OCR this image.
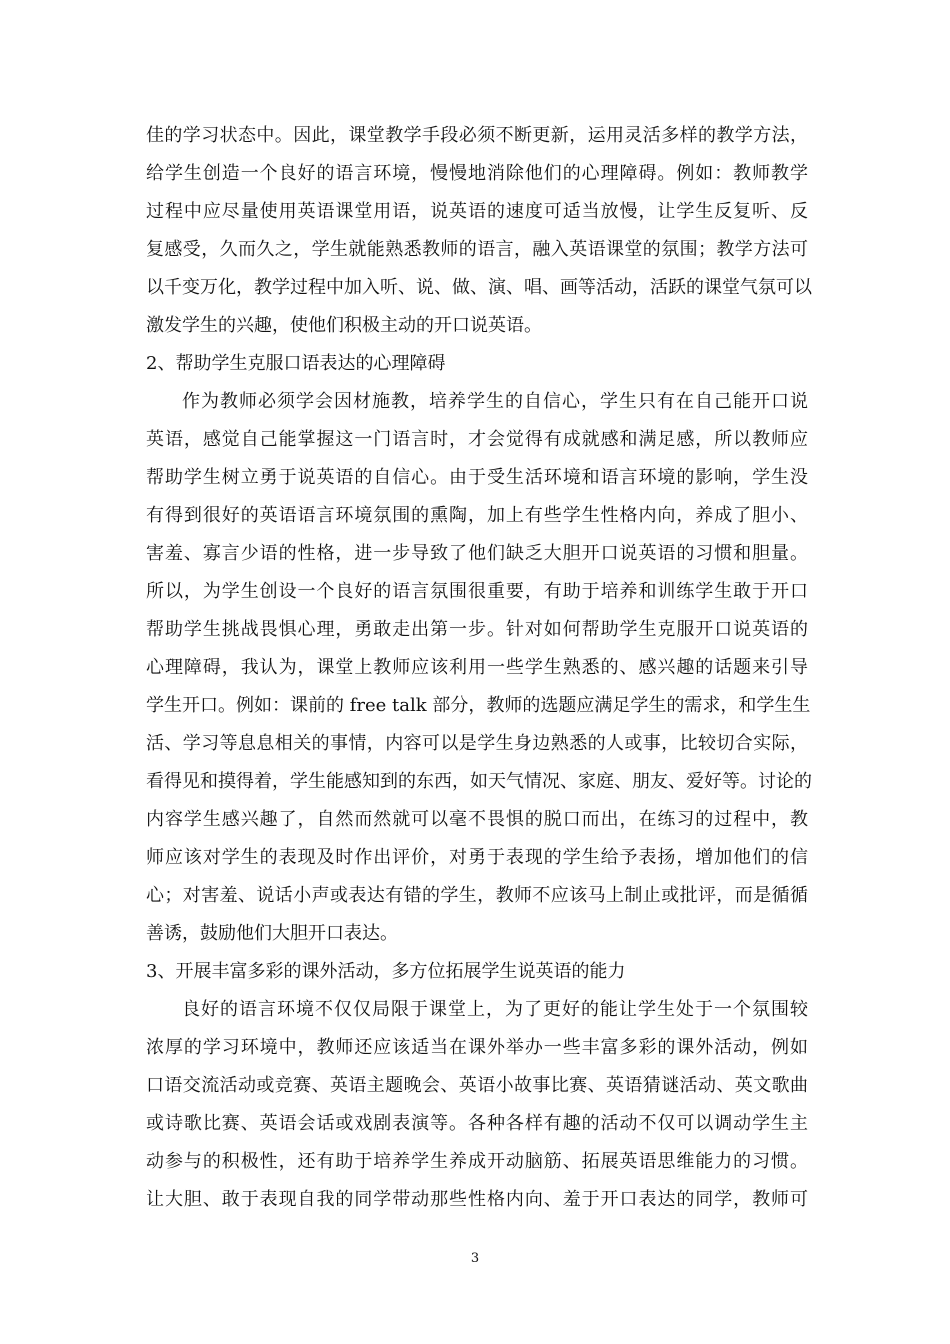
佳的学习状态中。因此，课堂教学手段必须不断更新，运用灵活多样的教学方法，
给学生创造一个良好的语言环境，慢慢地消除他们的心理障碍。例如：教师教学
过程中应尽量使用英语课堂用语，说英语的速度可适当放慢，让学生反复听、反
复感受，久而久之，学生就能熟悉教师的语言，融入英语课堂的氛围；教学方法可
以千变万化，教学过程中加入听、说、做、演、唱、画等活动，活跃的课堂气氛可以
激发学生的兴趣，使他们积极主动的开口说英语。
2、帮助学生克服口语表达的心理障碍
作为教师必须学会因材施教，培养学生的自信心，学生只有在自己能开口说
英语，感觉自己能掌握这一门语言时，才会觉得有成就感和满足感，所以教师应
帮助学生树立勇于说英语的自信心。由于受生活环境和语言环境的影响，学生没
有得到很好的英语语言环境氛围的熏陶，加上有些学生性格内向，养成了胆小、
害羞、寡言少语的性格，进一步导致了他们缺乏大胆开口说英语的习惯和胆量。
所以，为学生创设一个良好的语言氛围很重要，有助于培养和训练学生敢于开口
帮助学生挑战畏惧心理，勇敢走出第一步。针对如何帮助学生克服开口说英语的
心理障碍，我认为，课堂上教师应该利用一些学生熟悉的、感兴趣的话题来引导
学生开口。例如：课前的 free talk 部分，教师的选题应满足学生的需求，和学生生
活、学习等息息相关的事情，内容可以是学生身边熟悉的人或事，比较切合实际，
看得见和摸得着，学生能感知到的东西，如天气情况、家庭、朋友、爱好等。讨论的
内容学生感兴趣了，自然而然就可以毫不畏惧的脱口而出，在练习的过程中，教
师应该对学生的表现及时作出评价，对勇于表现的学生给予表扬，增加他们的信
心；对害羞、说话小声或表达有错的学生，教师不应该马上制止或批评，而是循循
善诱，鼓励他们大胆开口表达。
3、开展丰富多彩的课外活动，多方位拓展学生说英语的能力
良好的语言环境不仅仅局限于课堂上，为了更好的能让学生处于一个氛围较
浓厚的学习环境中，教师还应该适当在课外举办一些丰富多彩的课外活动，例如
口语交流活动或竞赛、英语主题晚会、英语小故事比赛、英语猜谜活动、英文歌曲
或诗歌比赛、英语会话或戏剧表演等。各种各样有趣的活动不仅可以调动学生主
动参与的积极性，还有助于培养学生养成开动脑筋、拓展英语思维能力的习惯。
让大胆、敢于表现自我的同学带动那些性格内向、羞于开口表达的同学，教师可
3
